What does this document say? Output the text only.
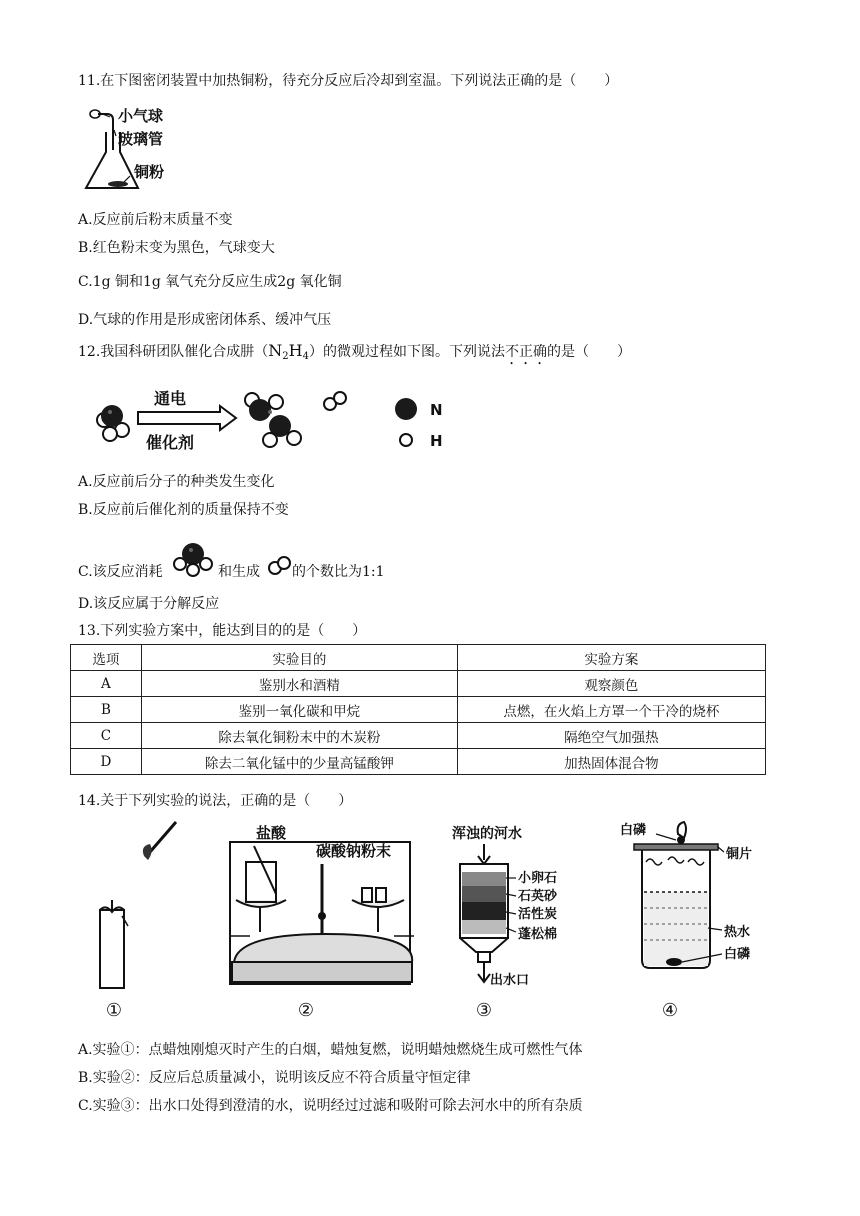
11.在下图密闭装置中加热铜粉，待充分反应后冷却到室温。下列说法正确的是（　　）
小气球
玻璃管
铜粉
A.反应前后粉末质量不变
B.红色粉末变为黑色，气球变大
C.1g 铜和1g 氧气充分反应生成2g 氧化铜
D.气球的作用是形成密闭体系、缓冲气压
12.我国科研团队催化合成肼$(N_2H_4)$的微观过程如下图。下列说法不正确的是（　　）
通电
催化剂
N
H
A.反应前后分子的种类发生变化
B.反应前后催化剂的质量保持不变
C.该反应消耗	和生成 的个数比为1:1
D.该反应属于分解反应
13.下列实验方案中，能达到目的的是（　　）
选项	实验目的	实验方案
A	鉴别水和酒精	观察颜色
B	鉴别一氧化碳和甲烷	点燃，在火焰上方罩一个干冷的烧杯
C	除去氧化铜粉末中的木炭粉	隔绝空气加强热
D	除去二氧化锰中的少量高锰酸钾	加热固体混合物
14.关于下列实验的说法，正确的是（　　）
盐酸
碳酸钠粉末
浑浊的河水
小卵石
石英砂
活性炭
蓬松棉
出水口
白磷
铜片
热水
白磷
①	②	③	④
A.实验①：点蜡烛刚熄灭时产生的白烟，蜡烛复燃，说明蜡烛燃烧生成可燃性气体
B.实验②：反应后总质量减小，说明该反应不符合质量守恒定律
C.实验③：出水口处得到澄清的水，说明经过过滤和吸附可除去河水中的所有杂质
